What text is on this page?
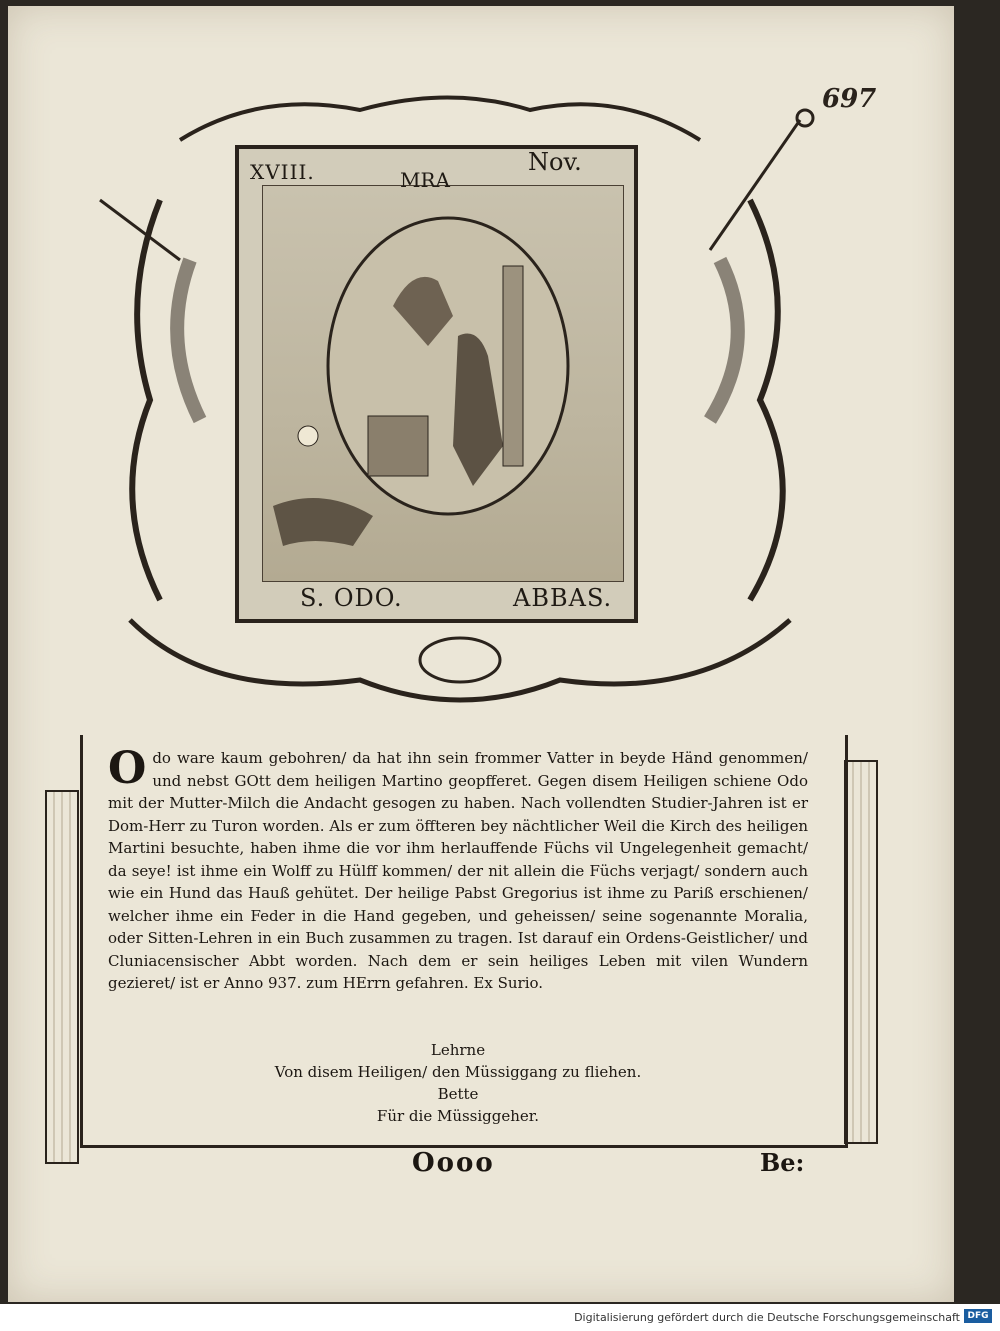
697
XVIII.	MRA
Nov.
S. ODO.	ABBAS.
O do ware kaum gebohren/ da hat ihn sein frommer Vatter in beyde Händ genommen/ und nebst GOtt dem heiligen Martino geopfferet. Gegen disem Heiligen schiene Odo mit der Mutter-Milch die Andacht gesogen zu haben. Nach vollendten Studier-Jahren ist er Dom-Herr zu Turon worden. Als er zum öffteren bey nächtlicher Weil die Kirch des heiligen Martini besuchte, haben ihme die vor ihm herlauffende Füchs vil Ungelegenheit gemacht/ da seye! ist ihme ein Wolff zu Hülff kommen/ der nit allein die Füchs verjagt/ sondern auch wie ein Hund das Hauß gehütet. Der heilige Pabst Gregorius ist ihme zu Pariß erschienen/ welcher ihme ein Feder in die Hand gegeben, und geheissen/ seine sogenannte Moralia, oder Sitten-Lehren in ein Buch zusammen zu tragen. Ist darauf ein Ordens-Geistlicher/ und Cluniacensischer Abbt worden. Nach dem er sein heiliges Leben mit vilen Wundern gezieret/ ist er Anno 937. zum HErrn gefahren. Ex Surio.
Lehrne
Von disem Heiligen/ den Müssiggang zu fliehen.
Bette
Für die Müssiggeher.
Oooo	Be:
Digitalisierung gefördert durch die Deutsche Forschungsgemeinschaft DFG
